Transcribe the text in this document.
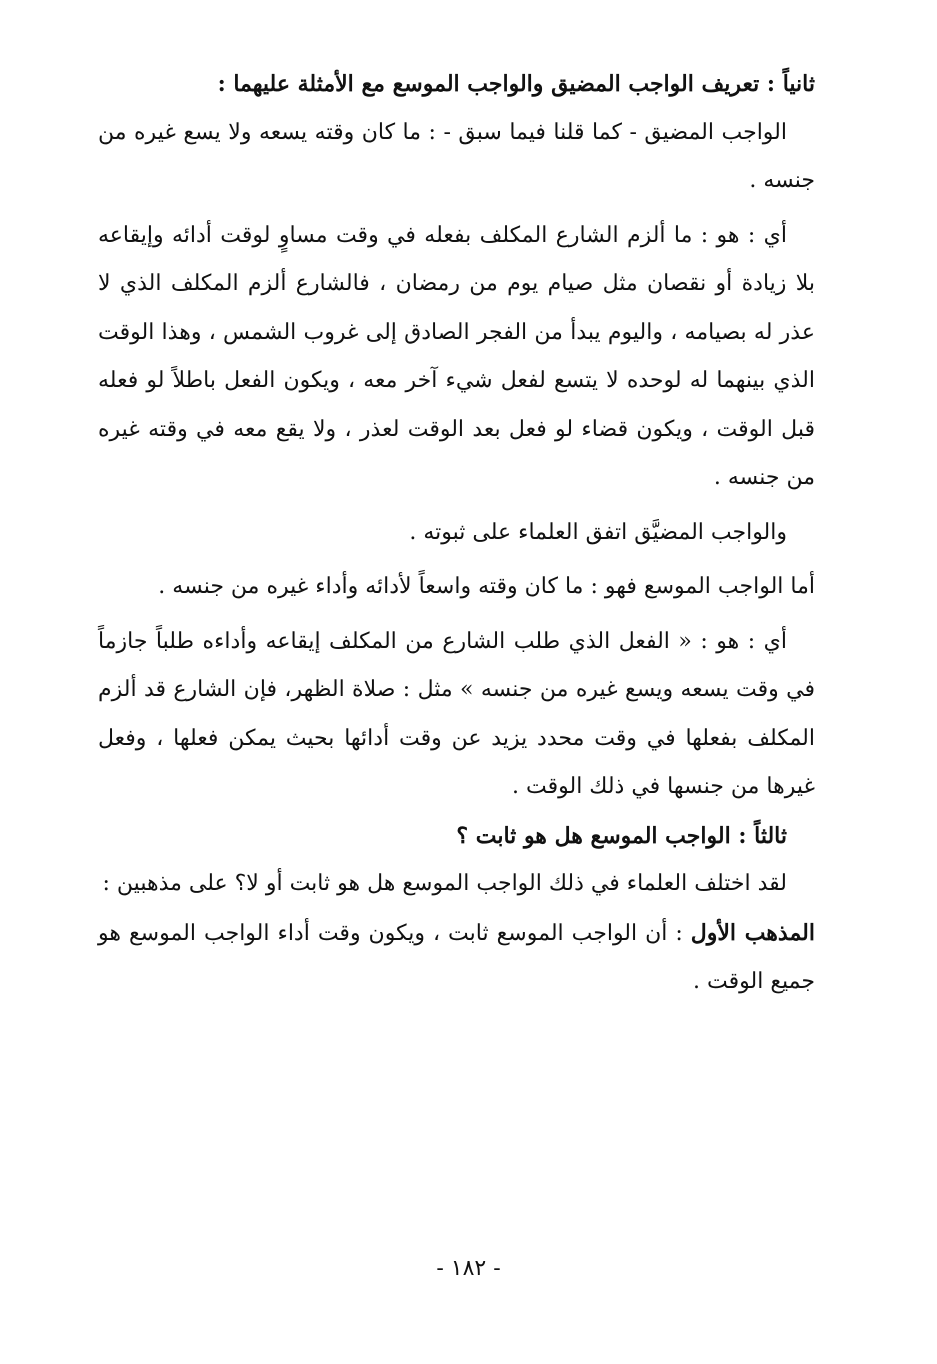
ثانياً : تعريف الواجب المضيق والواجب الموسع مع الأمثلة عليهما :

الواجب المضيق - كما قلنا فيما سبق - : ما كان وقته يسعه ولا يسع غيره من جنسه .

أي : هو : ما ألزم الشارع المكلف بفعله في وقت مساوٍ لوقت أدائه وإيقاعه بلا زيادة أو نقصان مثل صيام يوم من رمضان ، فالشارع ألزم المكلف الذي لا عذر له بصيامه ، واليوم يبدأ من الفجر الصادق إلى غروب الشمس ، وهذا الوقت الذي بينهما له لوحده لا يتسع لفعل شيء آخر معه ، ويكون الفعل باطلاً لو فعله قبل الوقت ، ويكون قضاء لو فعل بعد الوقت لعذر ، ولا يقع معه في وقته غيره من جنسه .

والواجب المضيَّق اتفق العلماء على ثبوته .

أما الواجب الموسع فهو : ما كان وقته واسعاً لأدائه وأداء غيره من جنسه .

أي : هو : « الفعل الذي طلب الشارع من المكلف إيقاعه وأداءه طلباً جازماً في وقت يسعه ويسع غيره من جنسه » مثل : صلاة الظهر، فإن الشارع قد ألزم المكلف بفعلها في وقت محدد يزيد عن وقت أدائها بحيث يمكن فعلها ، وفعل غيرها من جنسها في ذلك الوقت .

ثالثاً : الواجب الموسع هل هو ثابت ؟

لقد اختلف العلماء في ذلك الواجب الموسع هل هو ثابت أو لا؟ على مذهبين :

المذهب الأول : أن الواجب الموسع ثابت ، ويكون وقت أداء الواجب الموسع هو جميع الوقت .

- ١٨٢ -
